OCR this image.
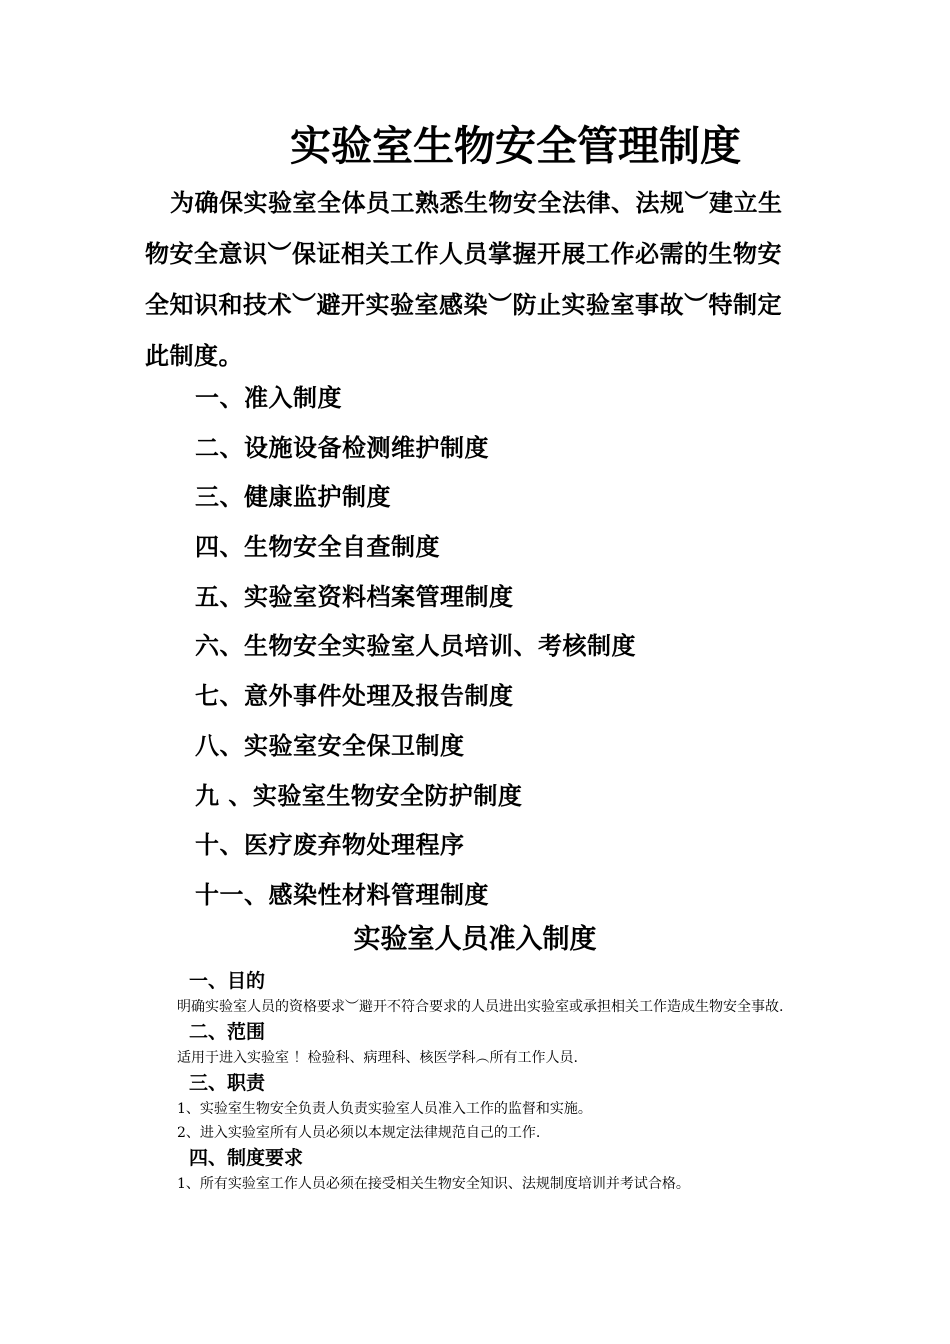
实验室生物安全管理制度

为确保实验室全体员工熟悉生物安全法律、法规︶建立生物安全意识︶保证相关工作人员掌握开展工作必需的生物安全知识和技术︶避开实验室感染︶防止实验室事故︶特制定此制度。

一、准入制度
二、设施设备检测维护制度
三、健康监护制度
四、生物安全自查制度
五、实验室资料档案管理制度
六、生物安全实验室人员培训、考核制度
七、意外事件处理及报告制度
八、实验室安全保卫制度
九 、实验室生物安全防护制度
十、医疗废弃物处理程序
十一、感染性材料管理制度
实验室人员准入制度
一、目的

明确实验室人员的资格要求︶避开不符合要求的人员进出实验室或承担相关工作造成生物安全事故.

二、范围

适用于进入实验室 ！检验科、病理科、核医学科︵所有工作人员.

三、职责

1、实验室生物安全负责人负责实验室人员准入工作的监督和实施。

2、进入实验室所有人员必须以本规定法律规范自己的工作.

四、制度要求

1、所有实验室工作人员必须在接受相关生物安全知识、法规制度培训并考试合格。
